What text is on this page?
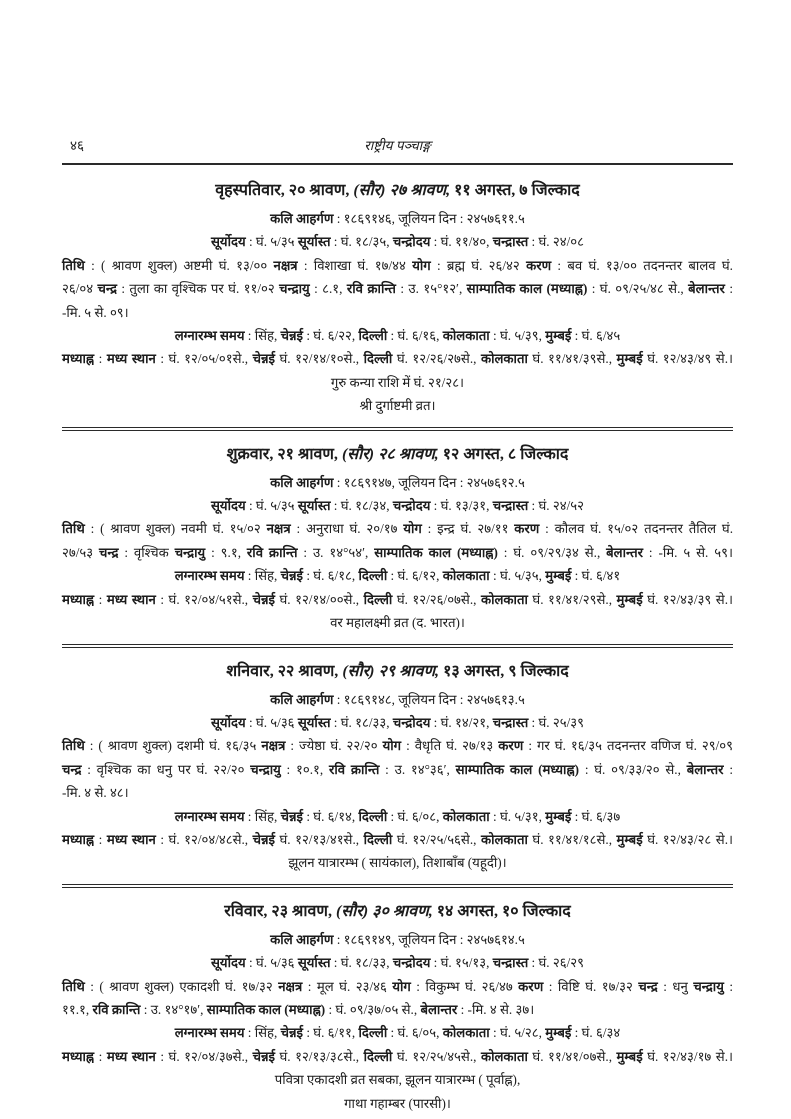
४६	राष्ट्रीय पञ्चाङ्ग
वृहस्पतिवार, २० श्रावण, (सौर) २७ श्रावण, ११ अगस्त, ७ जिल्काद
कलि आहर्गण : १८६९१४६, जूलियन दिन : २४५७६११.५
सूर्योदय : घं. ५/३५ सूर्यास्त : घं. १८/३५, चन्द्रोदय : घं. ११/४०, चन्द्रास्त : घं. २४/०८
तिथि : ( श्रावण शुक्ल) अष्टमी घं. १३/०० नक्षत्र : विशाखा घं. १७/४४ योग : ब्रह्म घं. २६/४२ करण : बव घं. १३/०० तदनन्तर बालव घं.
२६/०४ चन्द्र : तुला का वृश्चिक पर घं. ११/०२ चन्द्रायु : ८.१, रवि क्रान्ति : उ. १५°१२′, साम्पातिक काल (मध्याह्न) : घं. ०९/२५/४८ से., बेलान्तर :
-मि. ५ से. ०९।
लग्नारम्भ समय : सिंह, चेन्नई : घं. ६/२२, दिल्ली : घं. ६/१६, कोलकाता : घं. ५/३९, मुम्बई : घं. ६/४५
मध्याह्न : मध्य स्थान : घं. १२/०५/०१से., चेन्नई घं. १२/१४/१०से., दिल्ली घं. १२/२६/२७से., कोलकाता घं. ११/४१/३९से., मुम्बई घं. १२/४३/४९ से.।
गुरु कन्या राशि में घं. २१/२८।
श्री दुर्गाष्टमी व्रत।
शुक्रवार, २१ श्रावण, (सौर) २८ श्रावण, १२ अगस्त, ८ जिल्काद
कलि आहर्गण : १८६९१४७, जूलियन दिन : २४५७६१२.५
सूर्योदय : घं. ५/३५ सूर्यास्त : घं. १८/३४, चन्द्रोदय : घं. १३/३१, चन्द्रास्त : घं. २४/५२
तिथि : ( श्रावण शुक्ल) नवमी घं. १५/०२ नक्षत्र : अनुराधा घं. २०/१७ योग : इन्द्र घं. २७/११ करण : कौलव घं. १५/०२ तदनन्तर तैतिल घं.
२७/५३ चन्द्र : वृश्चिक चन्द्रायु : ९.१, रवि क्रान्ति : उ. १४°५४′, साम्पातिक काल (मध्याह्न) : घं. ०९/२९/३४ से., बेलान्तर : -मि. ५ से. ५९।
लग्नारम्भ समय : सिंह, चेन्नई : घं. ६/१८, दिल्ली : घं. ६/१२, कोलकाता : घं. ५/३५, मुम्बई : घं. ६/४१
मध्याह्न : मध्य स्थान : घं. १२/०४/५१से., चेन्नई घं. १२/१४/००से., दिल्ली घं. १२/२६/०७से., कोलकाता घं. ११/४१/२९से., मुम्बई घं. १२/४३/३९ से.।
वर महालक्ष्मी व्रत (द. भारत)।
शनिवार, २२ श्रावण, (सौर) २९ श्रावण, १३ अगस्त, ९ जिल्काद
कलि आहर्गण : १८६९१४८, जूलियन दिन : २४५७६१३.५
सूर्योदय : घं. ५/३६ सूर्यास्त : घं. १८/३३, चन्द्रोदय : घं. १४/२१, चन्द्रास्त : घं. २५/३९
तिथि : ( श्रावण शुक्ल) दशमी घं. १६/३५ नक्षत्र : ज्येष्ठा घं. २२/२० योग : वैधृति घं. २७/१३ करण : गर घं. १६/३५ तदनन्तर वणिज घं. २९/०९
चन्द्र : वृश्चिक का धनु पर घं. २२/२० चन्द्रायु : १०.१, रवि क्रान्ति : उ. १४°३६′, साम्पातिक काल (मध्याह्न) : घं. ०९/३३/२० से., बेलान्तर :
-मि. ४ से. ४८।
लग्नारम्भ समय : सिंह, चेन्नई : घं. ६/१४, दिल्ली : घं. ६/०८, कोलकाता : घं. ५/३१, मुम्बई : घं. ६/३७
मध्याह्न : मध्य स्थान : घं. १२/०४/४८से., चेन्नई घं. १२/१३/४१से., दिल्ली घं. १२/२५/५६से., कोलकाता घं. ११/४१/१८से., मुम्बई घं. १२/४३/२८ से.।
झूलन यात्रारम्भ ( सायंकाल), तिशाबाँब (यहूदी)।
रविवार, २३ श्रावण, (सौर) ३० श्रावण, १४ अगस्त, १० जिल्काद
कलि आहर्गण : १८६९१४९, जूलियन दिन : २४५७६१४.५
सूर्योदय : घं. ५/३६ सूर्यास्त : घं. १८/३३, चन्द्रोदय : घं. १५/१३, चन्द्रास्त : घं. २६/२९
तिथि : ( श्रावण शुक्ल) एकादशी घं. १७/३२ नक्षत्र : मूल घं. २३/४६ योग : विकुम्भ घं. २६/४७ करण : विष्टि घं. १७/३२ चन्द्र : धनु चन्द्रायु :
११.१, रवि क्रान्ति : उ. १४°१७′, साम्पातिक काल (मध्याह्न) : घं. ०९/३७/०५ से., बेलान्तर : -मि. ४ से. ३७।
लग्नारम्भ समय : सिंह, चेन्नई : घं. ६/११, दिल्ली : घं. ६/०५, कोलकाता : घं. ५/२८, मुम्बई : घं. ६/३४
मध्याह्न : मध्य स्थान : घं. १२/०४/३७से., चेन्नई घं. १२/१३/३८से., दिल्ली घं. १२/२५/४५से., कोलकाता घं. ११/४१/०७से., मुम्बई घं. १२/४३/१७ से.।
पवित्रा एकादशी व्रत सबका, झूलन यात्रारम्भ ( पूर्वाह्न),
गाथा गहाम्बर (पारसी)।
